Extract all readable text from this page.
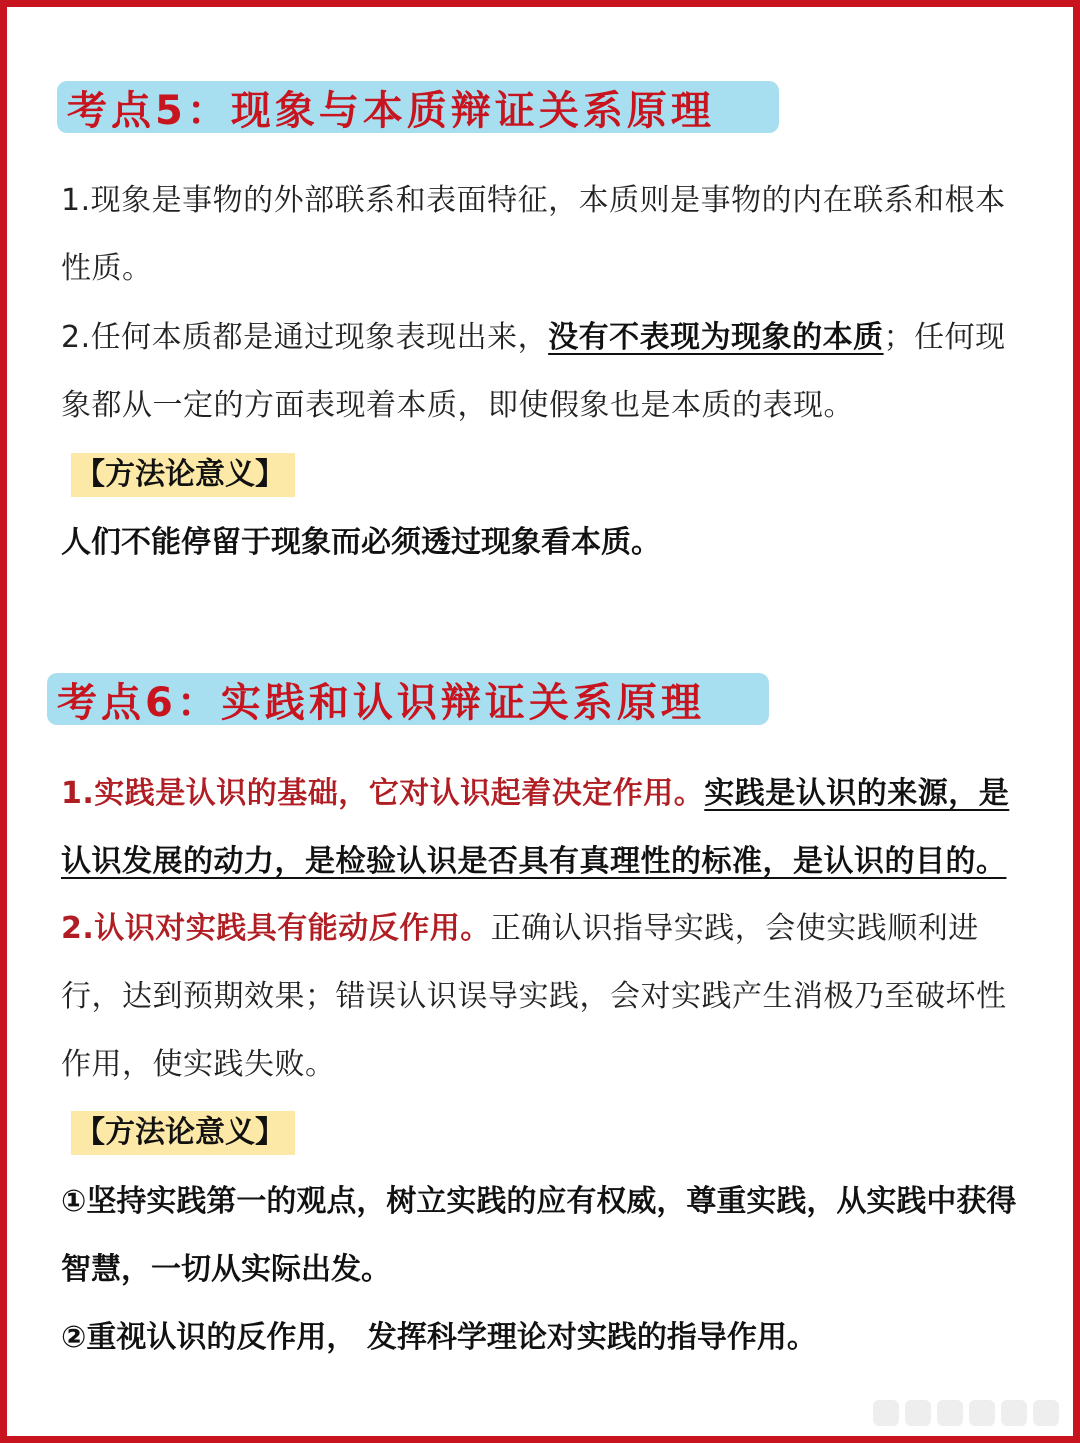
考点5： 现象与本质辩证关系原理
1.现象是事物的外部联系和表面特征，本质则是事物的内在联系和根本性质。
2.任何本质都是通过现象表现出来，没有不表现为现象的本质；任何现象都从一定的方面表现着本质，即使假象也是本质的表现。
【方法论意义】
人们不能停留于现象而必须透过现象看本质。
考点6： 实践和认识辩证关系原理
1.实践是认识的基础，它对认识起着决定作用。实践是认识的来源，是认识发展的动力，是检验认识是否具有真理性的标准，是认识的目的。
2.认识对实践具有能动反作用。正确认识指导实践，会使实践顺利进行，达到预期效果；错误认识误导实践，会对实践产生消极乃至破坏性作用，使实践失败。
【方法论意义】
①坚持实践第一的观点，树立实践的应有权威，尊重实践，从实践中获得智慧，一切从实际出发。
②重视认识的反作用， 发挥科学理论对实践的指导作用。
